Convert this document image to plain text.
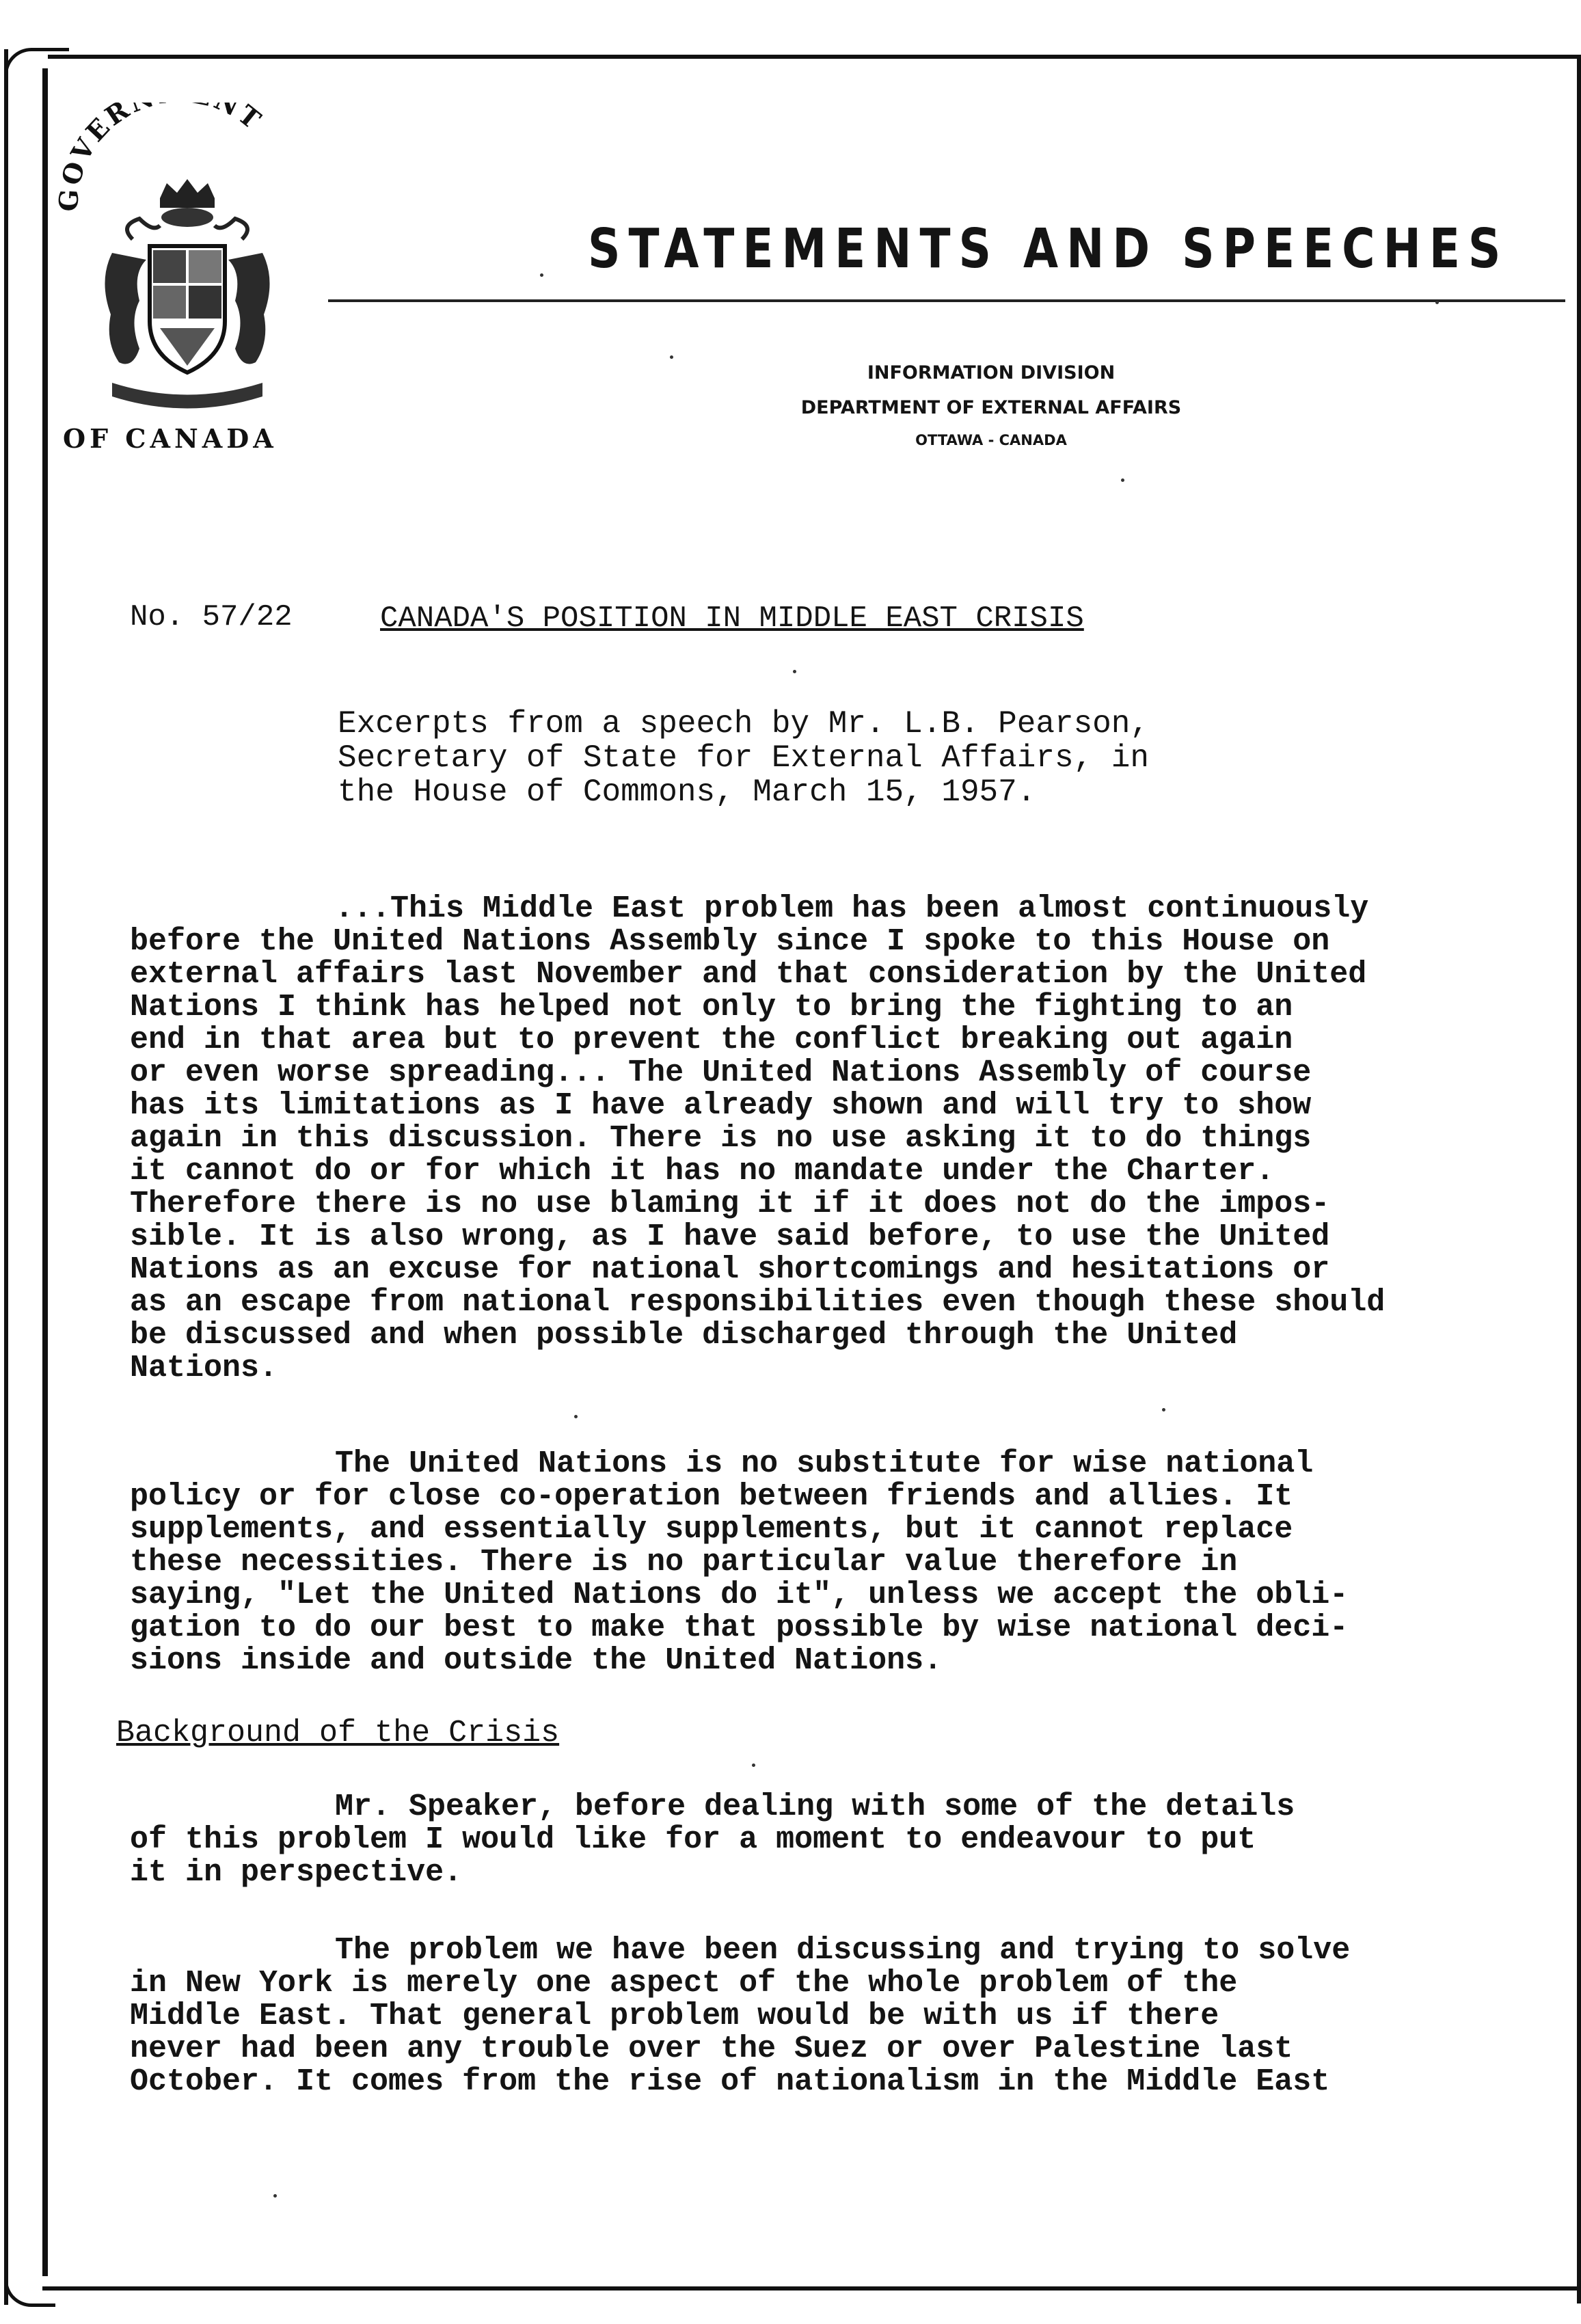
OVER NT
OF CANADA
STATEMENTS AND SPEECHES

INFORMATION DIVISION

DEPARTMENT OF EXTERNAL AFFAIRS

OTTAWA - CANADA

No. 57/22	CANADA'S POSITION IN MIDDLE EAST CRISIS

Excerpts from a speech by Mr. L.B. Pearson,
Secretary of State for External Affairs, in
the House of Commons, March 15, 1957.
...This Middle East problem has been almost continuously
before the United Nations Assembly since I spoke to this House on
external affairs last November and that consideration by the United
Nations I think has helped not only to bring the fighting to an
end in that area but to prevent the conflict breaking out again
or even worse spreading... The United Nations Assembly of course
has its limitations as I have already shown and will try to show
again in this discussion. There is no use asking it to do things
it cannot do or for which it has no mandate under the Charter.
Therefore there is no use blaming it if it does not do the impos-
sible. It is also wrong, as I have said before, to use the United
Nations as an excuse for national shortcomings and hesitations or
as an escape from national responsibilities even though these should
be discussed and when possible discharged through the United
Nations.
The United Nations is no substitute for wise national
policy or for close co-operation between friends and allies. It
supplements, and essentially supplements, but it cannot replace
these necessities. There is no particular value therefore in
saying, "Let the United Nations do it", unless we accept the obli-
gation to do our best to make that possible by wise national deci-
sions inside and outside the United Nations.

Background of the Crisis

Mr. Speaker, before dealing with some of the details
of this problem I would like for a moment to endeavour to put
it in perspective.
The problem we have been discussing and trying to solve
in New York is merely one aspect of the whole problem of the
Middle East. That general problem would be with us if there
never had been any trouble over the Suez or over Palestine last
October. It comes from the rise of nationalism in the Middle East
